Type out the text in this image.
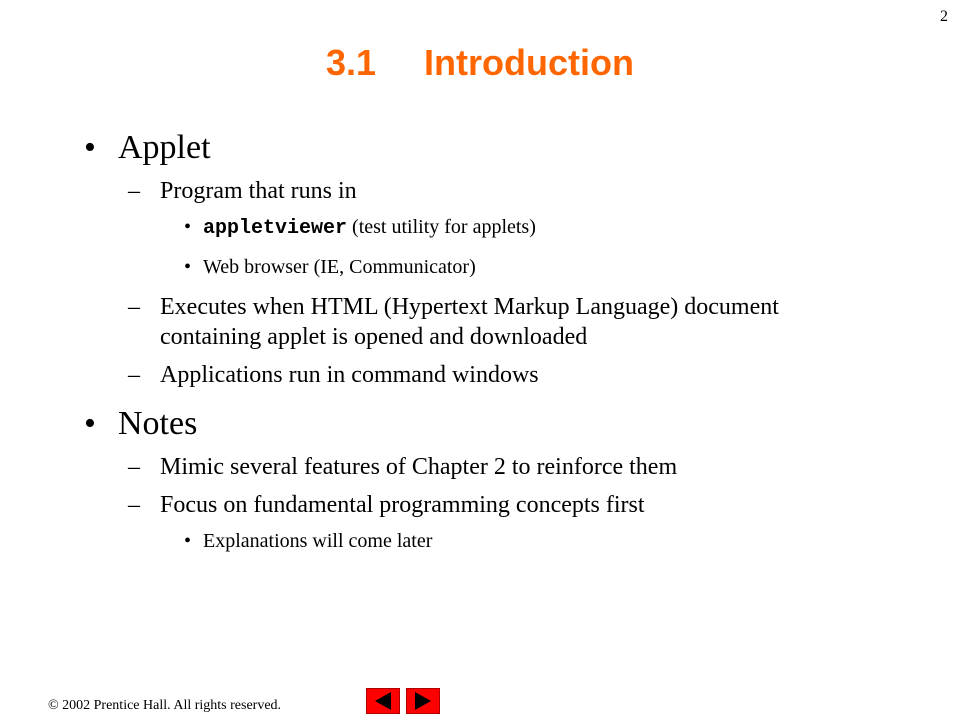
2
3.1 Introduction
• Applet
– Program that runs in
• appletviewer (test utility for applets)
• Web browser (IE, Communicator)
– Executes when HTML (Hypertext Markup Language) document containing applet is opened and downloaded
– Applications run in command windows
• Notes
– Mimic several features of Chapter 2 to reinforce them
– Focus on fundamental programming concepts first
• Explanations will come later
© 2002 Prentice Hall. All rights reserved.
